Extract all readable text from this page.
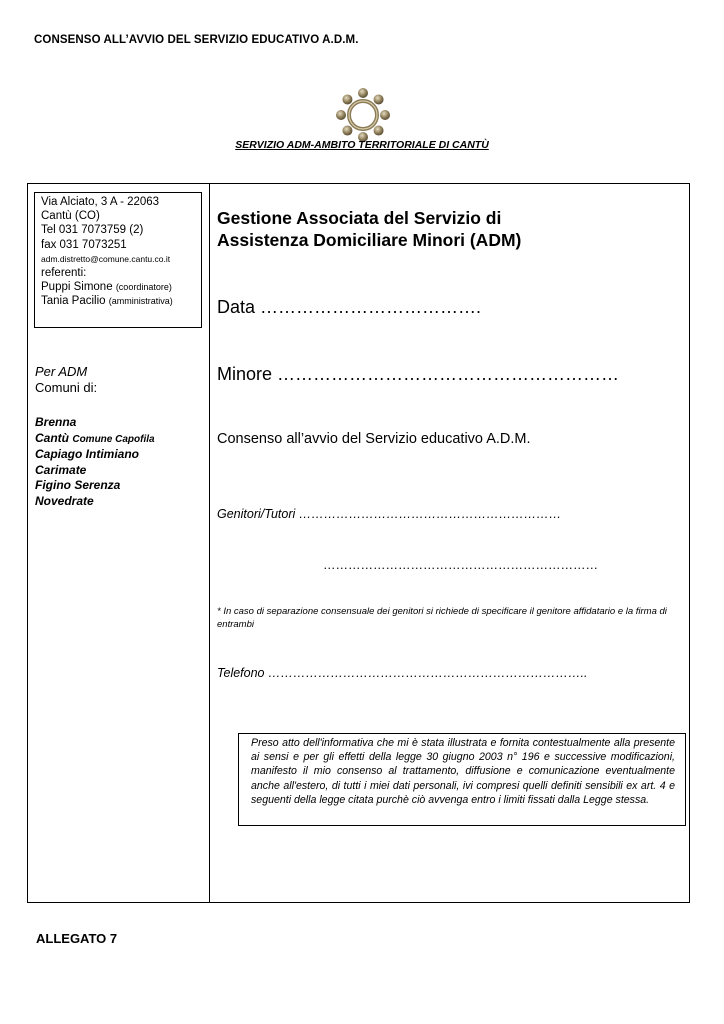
CONSENSO ALL’AVVIO DEL SERVIZIO EDUCATIVO A.D.M.
SERVIZIO ADM-AMBITO TERRITORIALE DI CANTÙ
Via Alciato, 3 A - 22063
Cantù (CO)
Tel 031 7073759 (2)
fax 031 7073251
adm.distretto@comune.cantu.co.it
referenti:
Puppi Simone (coordinatore)
Tania Pacilio (amministrativa)
Per ADM
Comuni di:
Brenna
Cantù Comune Capofila
Capiago Intimiano
Carimate
Figino Serenza
Novedrate
Gestione Associata del Servizio di
Assistenza Domiciliare Minori (ADM)
Data ……………………………….
Minore …………………………………………………
Consenso all’avvio del Servizio educativo A.D.M.
Genitori/Tutori ………………………………………………………
…………………………………………………………
* In caso di separazione consensuale dei genitori si richiede di specificare il genitore affidatario e la firma di entrambi
Telefono …………………………………………………………………..
Preso atto dell'informativa che mi è stata illustrata e fornita contestualmente alla presente ai sensi e per gli effetti della legge 30 giugno 2003 n° 196 e successive modificazioni, manifesto il mio consenso al trattamento, diffusione e comunicazione eventualmente anche all'estero, di tutti i miei dati personali, ivi compresi quelli definiti sensibili ex art. 4 e seguenti della legge citata purchè ciò avvenga entro i limiti fissati dalla Legge stessa.
ALLEGATO 7
